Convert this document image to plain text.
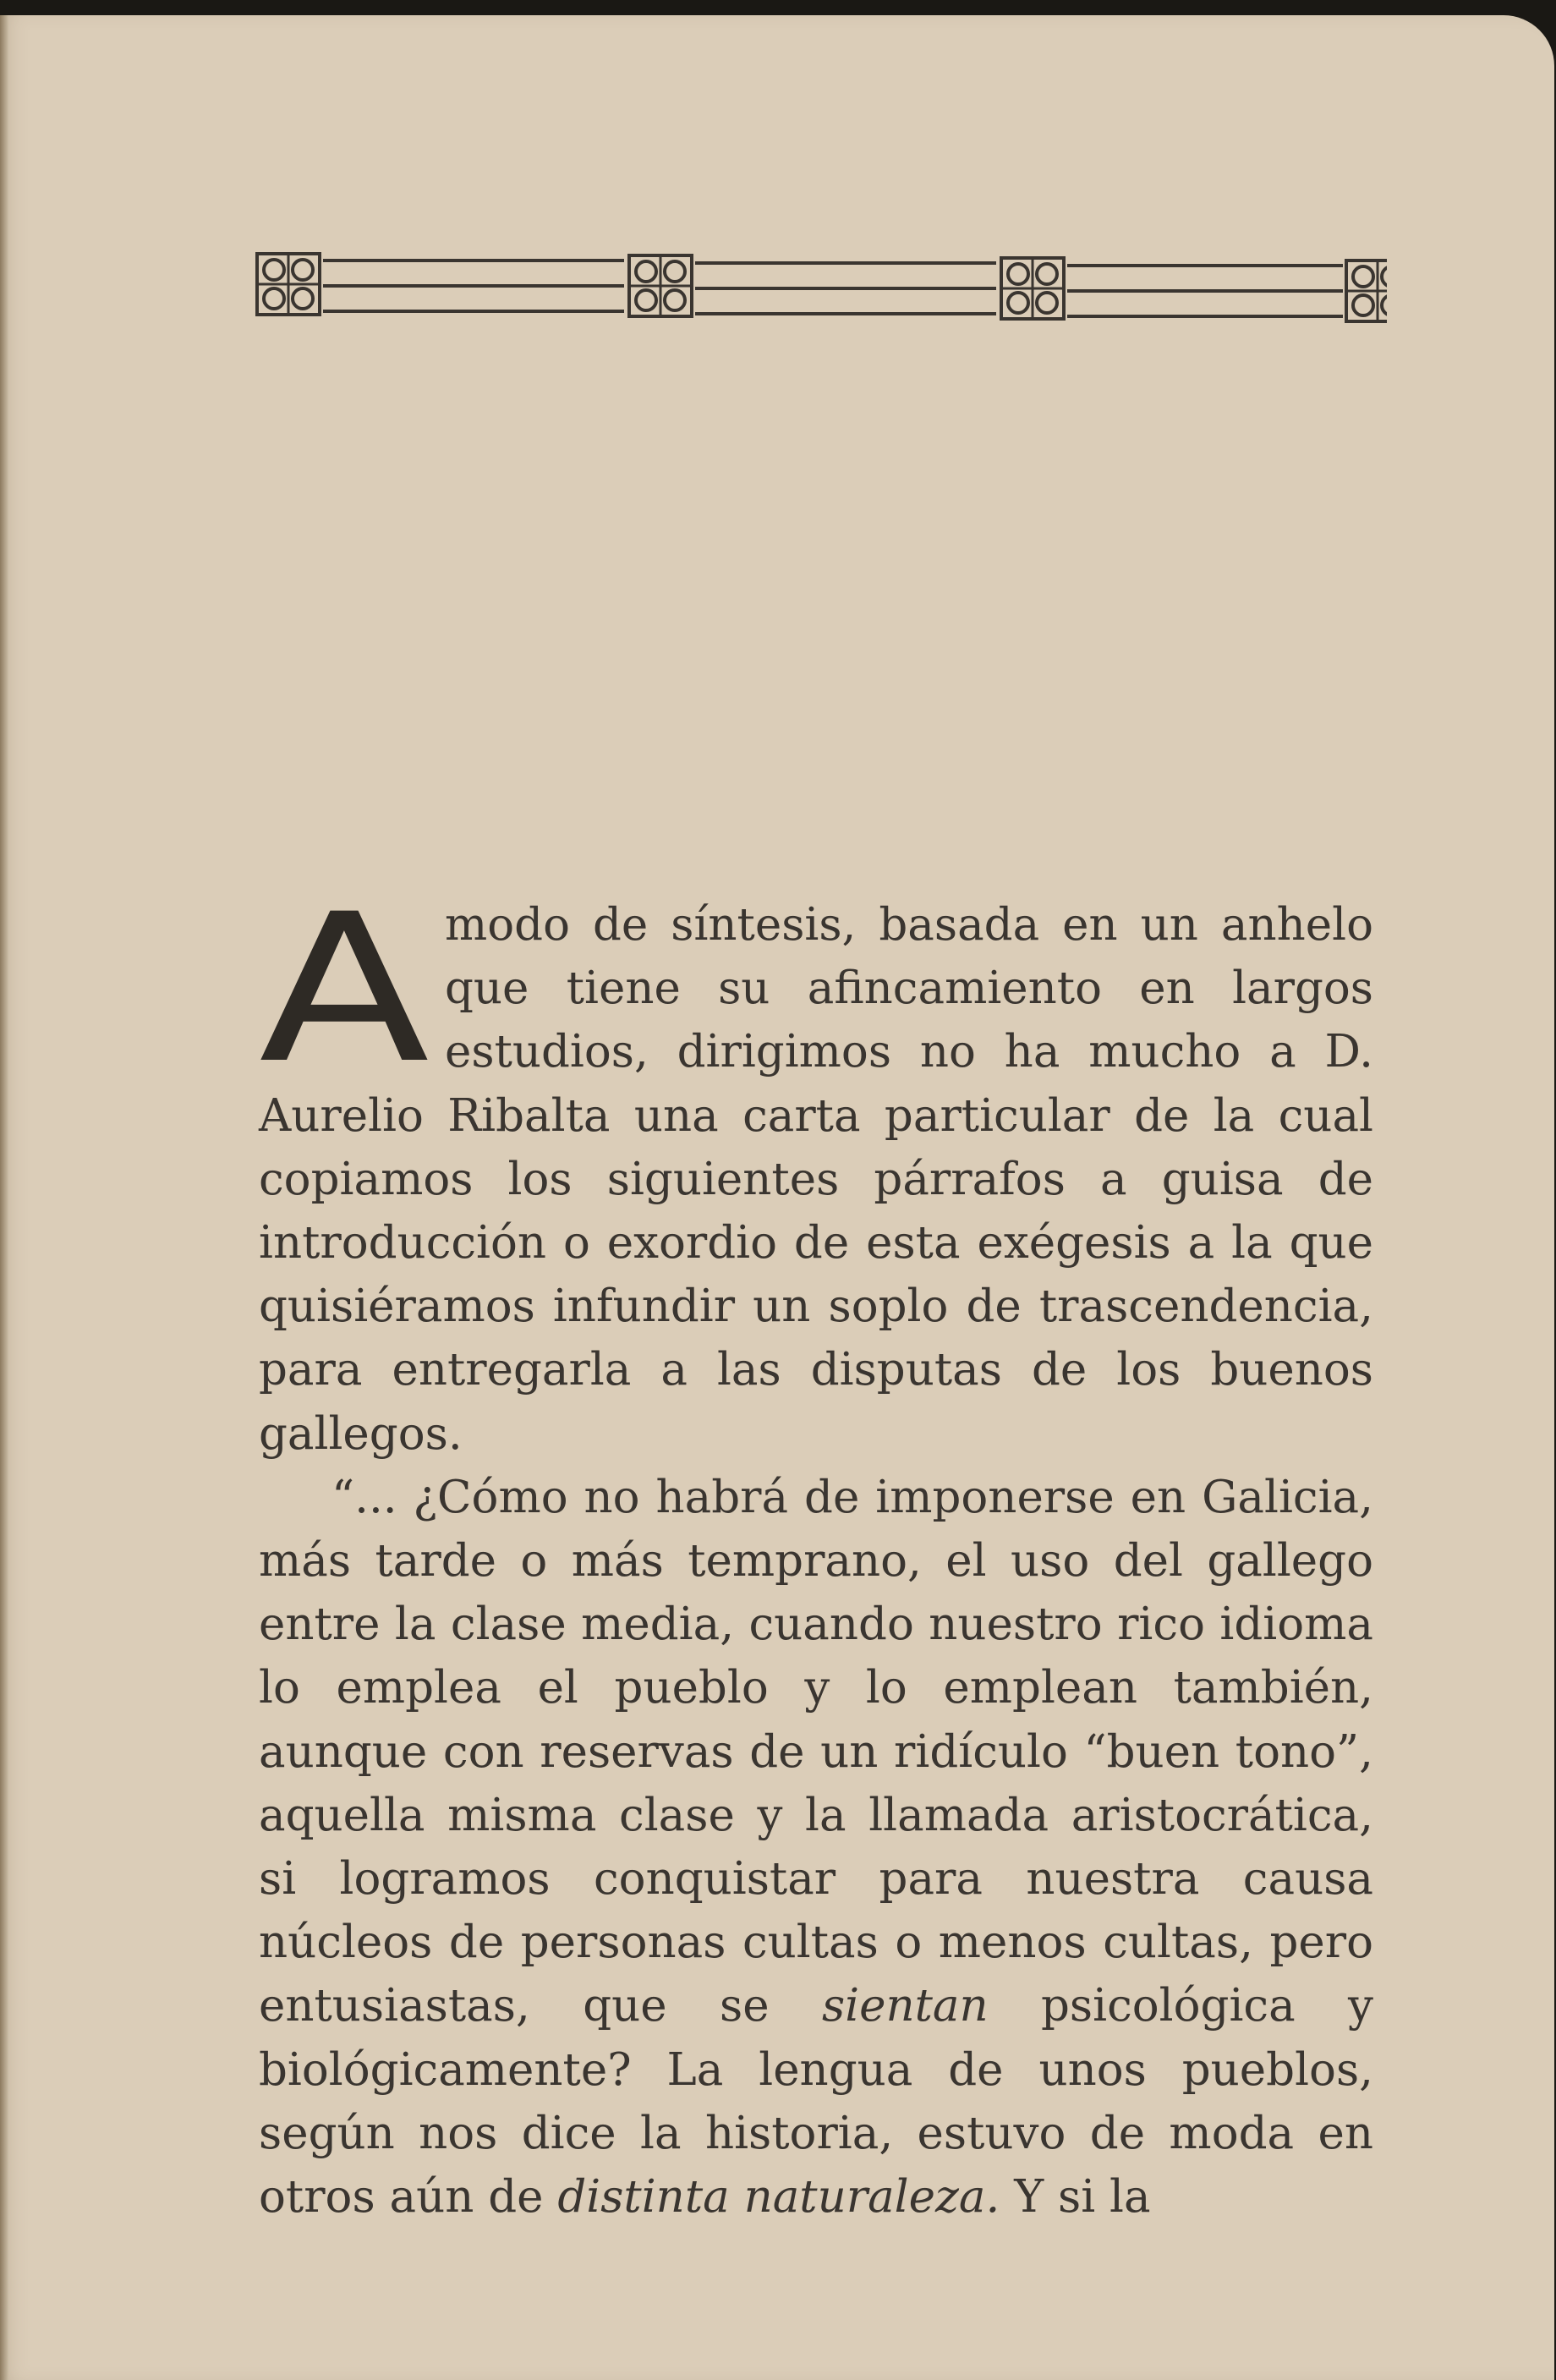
A modo de síntesis, basada en un anhelo que tiene su afincamiento en largos estudios, dirigimos no ha mucho a D. Aurelio Ribalta una carta particular de la cual copiamos los siguientes párrafos a guisa de introducción o exordio de esta exégesis a la que quisiéramos infundir un soplo de trascendencia, para entregarla a las disputas de los buenos gallegos.

“... ¿Cómo no habrá de imponerse en Galicia, más tarde o más temprano, el uso del gallego entre la clase media, cuando nuestro rico idioma lo emplea el pueblo y lo emplean también, aunque con reservas de un ridículo “buen tono”, aquella misma clase y la llamada aristocrática, si logramos conquistar para nuestra causa núcleos de personas cultas o menos cultas, pero entusiastas, que se sientan psicológica y biológicamente? La lengua de unos pueblos, según nos dice la historia, estuvo de moda en otros aún de distinta naturaleza. Y si la
